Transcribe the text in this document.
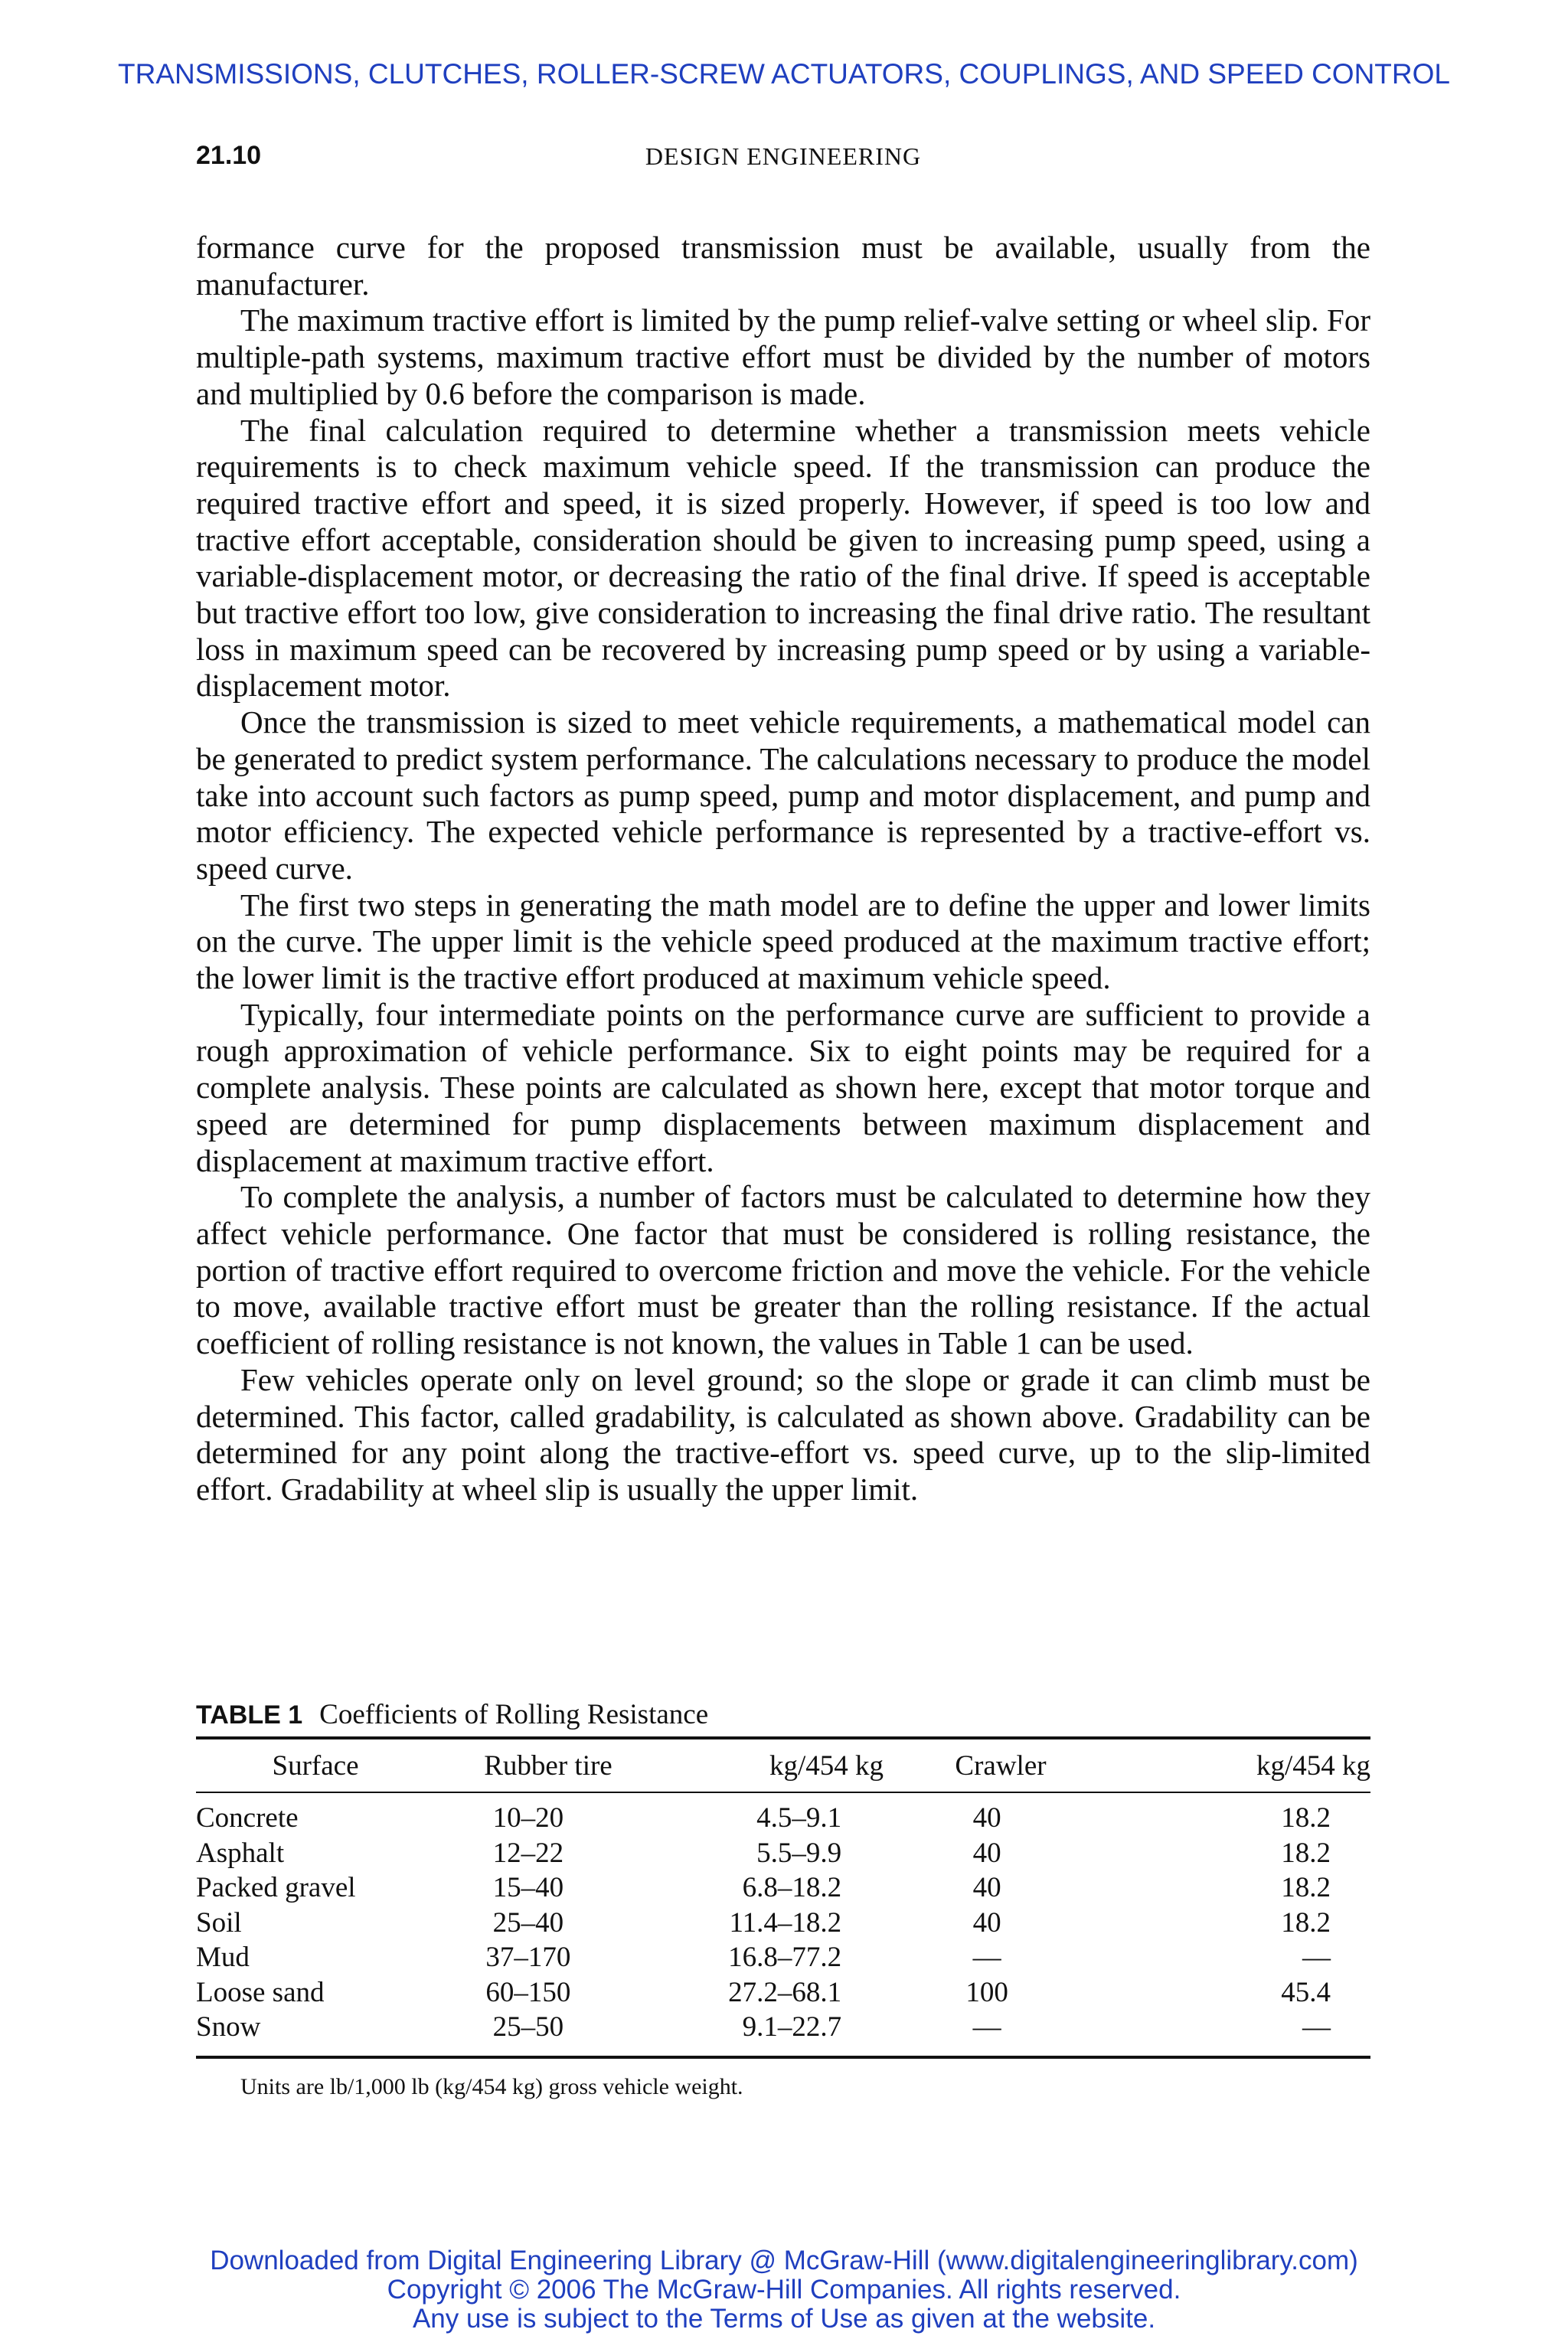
TRANSMISSIONS, CLUTCHES, ROLLER-SCREW ACTUATORS, COUPLINGS, AND SPEED CONTROL
21.10	DESIGN ENGINEERING

formance curve for the proposed transmission must be available, usually from the manufacturer.

The maximum tractive effort is limited by the pump relief-valve setting or wheel slip. For multiple-path systems, maximum tractive effort must be divided by the number of motors and multiplied by 0.6 before the comparison is made.

The final calculation required to determine whether a transmission meets vehicle requirements is to check maximum vehicle speed. If the transmission can produce the required tractive effort and speed, it is sized properly. However, if speed is too low and tractive effort acceptable, consideration should be given to increasing pump speed, using a variable-displacement motor, or decreasing the ratio of the final drive. If speed is acceptable but tractive effort too low, give consideration to increasing the final drive ratio. The resultant loss in maximum speed can be recovered by increasing pump speed or by using a variable-displacement motor.

Once the transmission is sized to meet vehicle requirements, a mathematical model can be generated to predict system performance. The calculations necessary to produce the model take into account such factors as pump speed, pump and motor displacement, and pump and motor efficiency. The expected vehicle performance is represented by a tractive-effort vs. speed curve.

The first two steps in generating the math model are to define the upper and lower limits on the curve. The upper limit is the vehicle speed produced at the maximum tractive effort; the lower limit is the tractive effort produced at maximum vehicle speed.

Typically, four intermediate points on the performance curve are sufficient to provide a rough approximation of vehicle performance. Six to eight points may be required for a complete analysis. These points are calculated as shown here, except that motor torque and speed are determined for pump displacements between maximum displacement and displacement at maximum tractive effort.

To complete the analysis, a number of factors must be calculated to determine how they affect vehicle performance. One factor that must be considered is rolling resistance, the portion of tractive effort required to overcome friction and move the vehicle. For the vehicle to move, available tractive effort must be greater than the rolling resistance. If the actual coefficient of rolling resistance is not known, the values in Table 1 can be used.

Few vehicles operate only on level ground; so the slope or grade it can climb must be determined. This factor, called gradability, is calculated as shown above. Gradability can be determined for any point along the tractive-effort vs. speed curve, up to the slip-limited effort. Gradability at wheel slip is usually the upper limit.

TABLE 1 Coefficients of Rolling Resistance
Surface	Rubber tire	kg/454 kg	Crawler	kg/454 kg
Concrete	10–20	4.5–9.1	40	18.2
Asphalt	12–22	5.5–9.9	40	18.2
Packed gravel	15–40	6.8–18.2	40	18.2
Soil	25–40	11.4–18.2	40	18.2
Mud	37–170	16.8–77.2	—	—
Loose sand	60–150	27.2–68.1	100	45.4
Snow	25–50	9.1–22.7	—	—
Units are lb/1,000 lb (kg/454 kg) gross vehicle weight.
Downloaded from Digital Engineering Library @ McGraw-Hill (www.digitalengineeringlibrary.com)
Copyright © 2006 The McGraw-Hill Companies. All rights reserved.
Any use is subject to the Terms of Use as given at the website.
